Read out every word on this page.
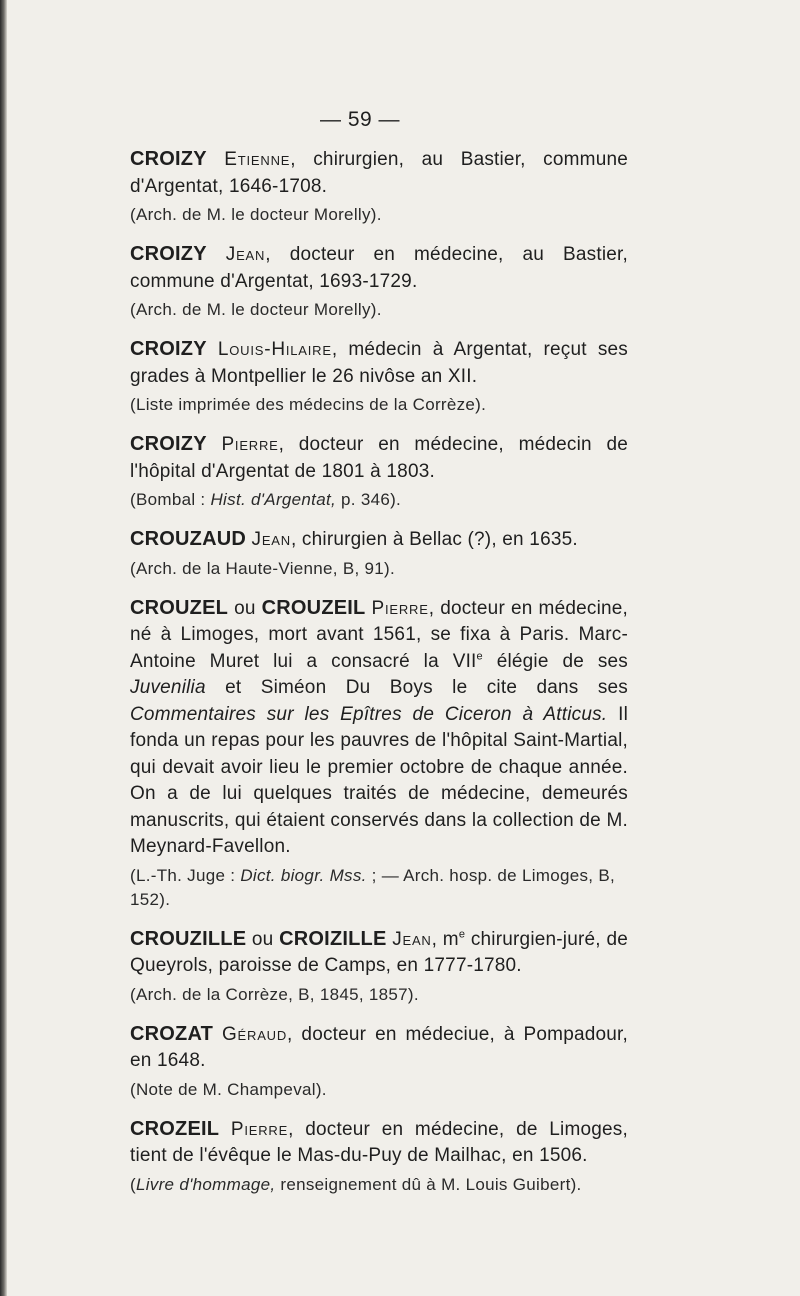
— 59 —
CROIZY Etienne, chirurgien, au Bastier, commune d'Argentat, 1646-1708.
(Arch. de M. le docteur Morelly).
CROIZY Jean, docteur en médecine, au Bastier, commune d'Argentat, 1693-1729.
(Arch. de M. le docteur Morelly).
CROIZY Louis-Hilaire, médecin à Argentat, reçut ses grades à Montpellier le 26 nivôse an XII.
(Liste imprimée des médecins de la Corrèze).
CROIZY Pierre, docteur en médecine, médecin de l'hôpital d'Argentat de 1801 à 1803.
(Bombal : Hist. d'Argentat, p. 346).
CROUZAUD Jean, chirurgien à Bellac (?), en 1635.
(Arch. de la Haute-Vienne, B, 91).
CROUZEL ou CROUZEIL Pierre, docteur en médecine, né à Limoges, mort avant 1561, se fixa à Paris. Marc-Antoine Muret lui a consacré la VIIe élégie de ses Juvenilia et Siméon Du Boys le cite dans ses Commentaires sur les Epîtres de Ciceron à Atticus. Il fonda un repas pour les pauvres de l'hôpital Saint-Martial, qui devait avoir lieu le premier octobre de chaque année. On a de lui quelques traités de médecine, demeurés manuscrits, qui étaient conservés dans la collection de M. Meynard-Favellon.
(L.-Th. Juge : Dict. biogr. Mss. ; — Arch. hosp. de Limoges, B, 152).
CROUZILLE ou CROIZILLE Jean, $m^e$ chirurgien-juré, de Queyrols, paroisse de Camps, en 1777-1780.
(Arch. de la Corrèze, B, 1845, 1857).
CROZAT Géraud, docteur en médeciue, à Pompadour, en 1648.
(Note de M. Champeval).
CROZEIL Pierre, docteur en médecine, de Limoges, tient de l'évêque le Mas-du-Puy de Mailhac, en 1506.
(Livre d'hommage, renseignement dû à M. Louis Guibert).
